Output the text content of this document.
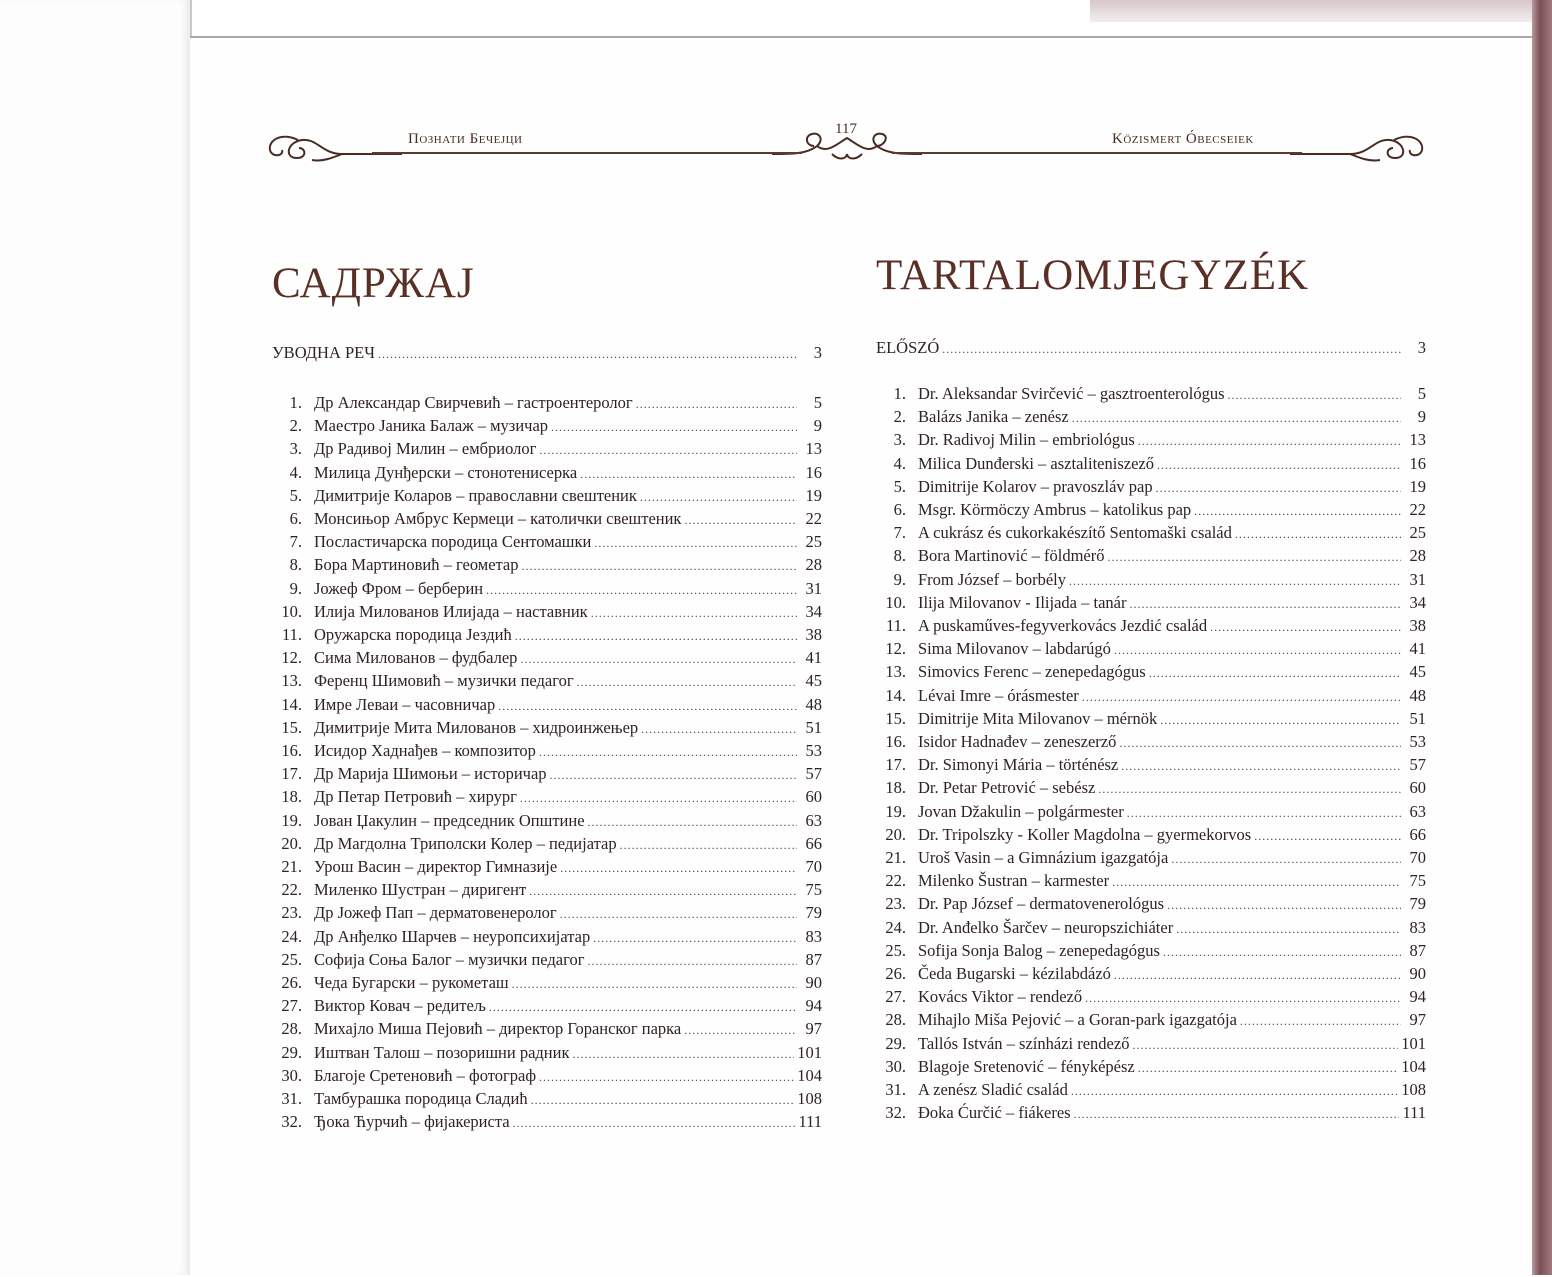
Познати Бечејци
117
Közismert Óbecseiek
САДРЖАЈ	TARTALOMJEGYZÉK
УВОДНА РЕЧ .....	3
1. Др Александар Свирчевић – гастроентеролог .....	5
2. Маестро Јаника Балаж – музичар .....	9
3. Др Радивој Милин – ембриолог .....	13
4. Милица Дунђерски – стонотенисерка .....	16
5. Димитрије Коларов – православни свештеник .....	19
6. Монсињор Амбрус Кермеци – католички свештеник .....	22
7. Посластичарска породица Сентомашки .....	25
8. Бора Мартиновић – геометар .....	28
9. Јожеф Фром – берберин .....	31
10. Илија Милованов Илијада – наставник .....	34
11. Оружарска породица Јездић .....	38
12. Сима Милованов – фудбалер .....	41
13. Ференц Шимовић – музички педагог .....	45
14. Имре Леваи – часовничар .....	48
15. Димитрије Мита Милованов – хидроинжењер .....	51
16. Исидор Хаднађев – композитор .....	53
17. Др Марија Шимоњи – историчар .....	57
18. Др Петар Петровић – хирург .....	60
19. Јован Џакулин – председник Општине .....	63
20. Др Магдолна Триполски Колер – педијатар .....	66
21. Урош Васин – директор Гимназије .....	70
22. Миленко Шустран – диригент .....	75
23. Др Јожеф Пап – дерматовенеролог .....	79
24. Др Анђелко Шарчев – неуропсихијатар .....	83
25. Софија Соња Балог – музички педагог .....	87
26. Чеда Бугарски – рукометаш .....	90
27. Виктор Ковач – редитељ .....	94
28. Михајло Миша Пејовић – директор Горанског парка .....	97
29. Иштван Талош – позоришни радник .....	101
30. Благоје Сретеновић – фотограф .....	104
31. Тамбурашка породица Сладић .....	108
32. Ђока Ћурчић – фијакериста .....	111
ELŐSZÓ .....	3
1. Dr. Aleksandar Svirčević – gasztroenterológus .....	5
2. Balázs Janika – zenész .....	9
3. Dr. Radivoj Milin – embriológus .....	13
4. Milica Dunđerski – asztaliteniszező .....	16
5. Dimitrije Kolarov – pravoszláv pap .....	19
6. Msgr. Körmöczy Ambrus – katolikus pap .....	22
7. A cukrász és cukorkakészítő Sentomaški család .....	25
8. Bora Martinović – földmérő .....	28
9. From József – borbély .....	31
10. Ilija Milovanov - Ilijada – tanár .....	34
11. A puskaműves-fegyverkovács Jezdić család .....	38
12. Sima Milovanov – labdarúgó .....	41
13. Simovics Ferenc – zenepedagógus .....	45
14. Lévai Imre – órásmester .....	48
15. Dimitrije Mita Milovanov – mérnök .....	51
16. Isidor Hadnađev – zeneszerző .....	53
17. Dr. Simonyi Mária – történész .....	57
18. Dr. Petar Petrović – sebész .....	60
19. Jovan Džakulin – polgármester .....	63
20. Dr. Tripolszky - Koller Magdolna – gyermekorvos .....	66
21. Uroš Vasin – a Gimnázium igazgatója .....	70
22. Milenko Šustran – karmester .....	75
23. Dr. Pap József – dermatovenerológus .....	79
24. Dr. Anđelko Šarčev – neuropszichiáter .....	83
25. Sofija Sonja Balog – zenepedagógus .....	87
26. Čeda Bugarski – kézilabdázó .....	90
27. Kovács Viktor – rendező .....	94
28. Mihajlo Miša Pejović – a Goran-park igazgatója .....	97
29. Tallós István – színházi rendező .....	101
30. Blagoje Sretenović – fényképész .....	104
31. A zenész Sladić család .....	108
32. Đoka Ćurčić – fiákeres .....	111
